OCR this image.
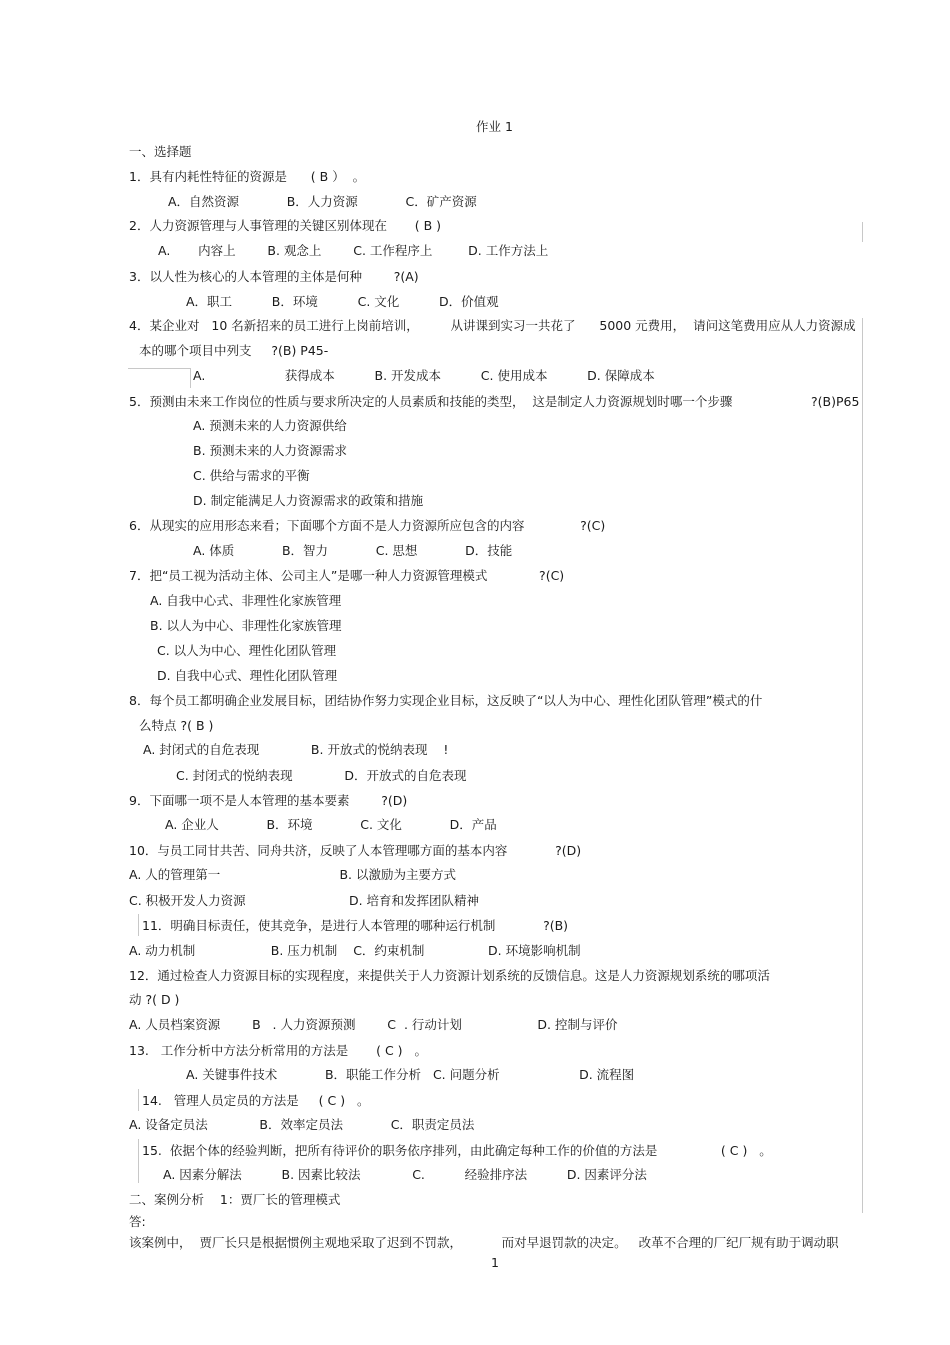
作业 1
一、选择题
1．具有内耗性特征的资源是      ( B ）  。
A．自然资源            B．人力资源            C．矿产资源
2．人力资源管理与人事管理的关键区别体现在       ( B )
A.       内容上        B. 观念上        C. 工作程序上         D. 工作方法上
3．以人性为核心的人本管理的主体是何种        ?(A)
A．职工          B．环境          C. 文化          D．价值观
4．某企业对   10 名新招来的员工进行上岗前培训，        从讲课到实习一共花了      5000 元费用，  请问这笔费用应从人力资源成
本的哪个项目中列支     ?(B) P45-
A.                    获得成本          B. 开发成本          C. 使用成本          D. 保障成本
5．预测由未来工作岗位的性质与要求所决定的人员素质和技能的类型，  这是制定人力资源规划时哪一个步骤	?(B)P65
A. 预测未来的人力资源供给
B. 预测未来的人力资源需求
C. 供给与需求的平衡
D. 制定能满足人力资源需求的政策和措施
6．从现实的应用形态来看；下面哪个方面不是人力资源所应包含的内容              ?(C)
A. 体质            B．智力            C. 思想            D．技能
7．把“员工视为活动主体、公司主人”是哪一种人力资源管理模式             ?(C)
A. 自我中心式、非理性化家族管理
B. 以人为中心、非理性化家族管理
C. 以人为中心、理性化团队管理
D. 自我中心式、理性化团队管理
8．每个员工都明确企业发展目标，团结协作努力实现企业目标，这反映了“以人为中心、理性化团队管理”模式的什
么特点 ?( B )
A. 封闭式的自危表现             B. 开放式的悦纳表现    !
C. 封闭式的悦纳表现             D．开放式的自危表现
9．下面哪一项不是人本管理的基本要素        ?(D)
A. 企业人            B．环境            C. 文化            D．产品
10．与员工同甘共苦、同舟共济，反映了人本管理哪方面的基本内容            ?(D)
A. 人的管理第一                              B. 以激励为主要方式
C. 积极开发人力资源                          D. 培育和发挥团队精神
11．明确目标责任，使其竞争，是进行人本管理的哪种运行机制            ?(B)
A. 动力机制                   B. 压力机制    C．约束机制                D. 环境影响机制
12．通过检查人力资源目标的实现程度，来提供关于人力资源计划系统的反馈信息。这是人力资源规划系统的哪项活
动 ?( D )
A. 人员档案资源        B   . 人力资源预测        C  . 行动计划                   D. 控制与评价
13.   工作分析中方法分析常用的方法是       ( C )   。
A. 关键事件技术            B．职能工作分析   C. 问题分析                    D. 流程图
14.   管理人员定员的方法是     ( C )   。
A. 设备定员法             B．效率定员法            C．职责定员法
15.  依据个体的经验判断，把所有待评价的职务依序排列，由此确定每种工作的价值的方法是                ( C )   。
A. 因素分解法          B. 因素比较法             C.          经验排序法          D. 因素评分法
二、案例分析    1：贾厂长的管理模式
答:
该案例中，  贾厂长只是根据惯例主观地采取了迟到不罚款，          而对早退罚款的决定。   改革不合理的厂纪厂规有助于调动职
1
